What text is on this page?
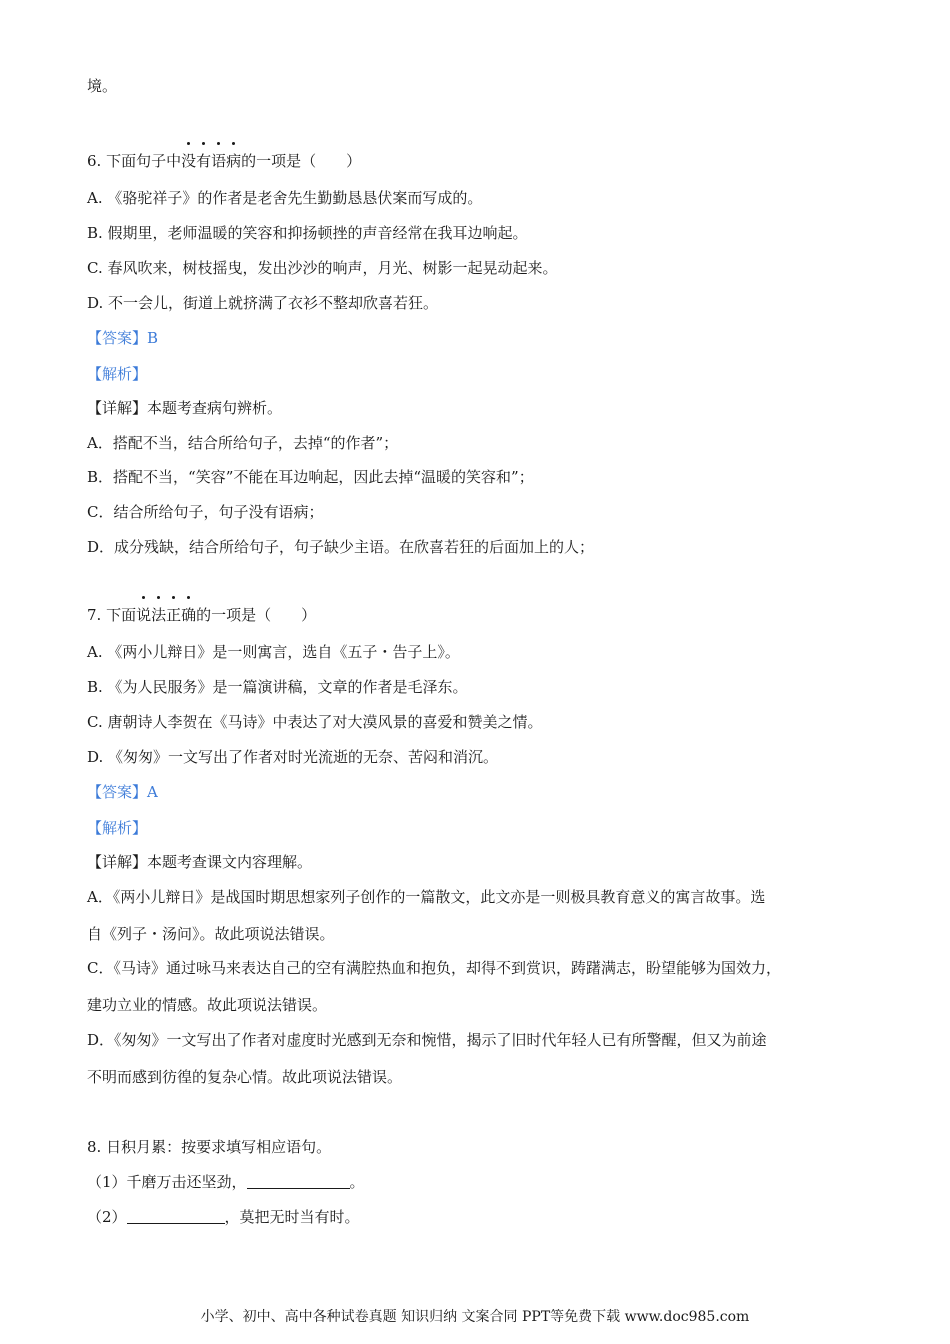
境。
6. 下面句子中没有语病的一项是（　　）
A. 《骆驼祥子》的作者是老舍先生勤勤恳恳伏案而写成的。
B. 假期里，老师温暖的笑容和抑扬顿挫的声音经常在我耳边响起。
C. 春风吹来，树枝摇曳，发出沙沙的响声，月光、树影一起晃动起来。
D. 不一会儿，街道上就挤满了衣衫不整却欣喜若狂。
【答案】B
【解析】
【详解】本题考查病句辨析。
A．搭配不当，结合所给句子，去掉“的作者”；
B．搭配不当，“笑容”不能在耳边响起，因此去掉“温暖的笑容和”；
C．结合所给句子，句子没有语病；
D．成分残缺，结合所给句子，句子缺少主语。在欣喜若狂的后面加上的人；
7. 下面说法正确的一项是（　　）
A. 《两小儿辩日》是一则寓言，选自《五子・告子上》。
B. 《为人民服务》是一篇演讲稿，文章的作者是毛泽东。
C. 唐朝诗人李贺在《马诗》中表达了对大漠风景的喜爱和赞美之情。
D. 《匆匆》一文写出了作者对时光流逝的无奈、苦闷和消沉。
【答案】A
【解析】
【详解】本题考查课文内容理解。
A．《两小儿辩日》是战国时期思想家列子创作的一篇散文，此文亦是一则极具教育意义的寓言故事。选
自《列子・汤问》。故此项说法错误。
C．《马诗》通过咏马来表达自己的空有满腔热血和抱负，却得不到赏识，踌躇满志，盼望能够为国效力，
建功立业的情感。故此项说法错误。
D．《匆匆》一文写出了作者对虚度时光感到无奈和惋惜，揭示了旧时代年轻人已有所警醒，但又为前途
不明而感到彷徨的复杂心情。故此项说法错误。
8. 日积月累：按要求填写相应语句。
（1）千磨万击还坚劲，	。
（2）	，莫把无时当有时。
小学、初中、高中各种试卷真题 知识归纳 文案合同 PPT等免费下载 www.doc985.com
